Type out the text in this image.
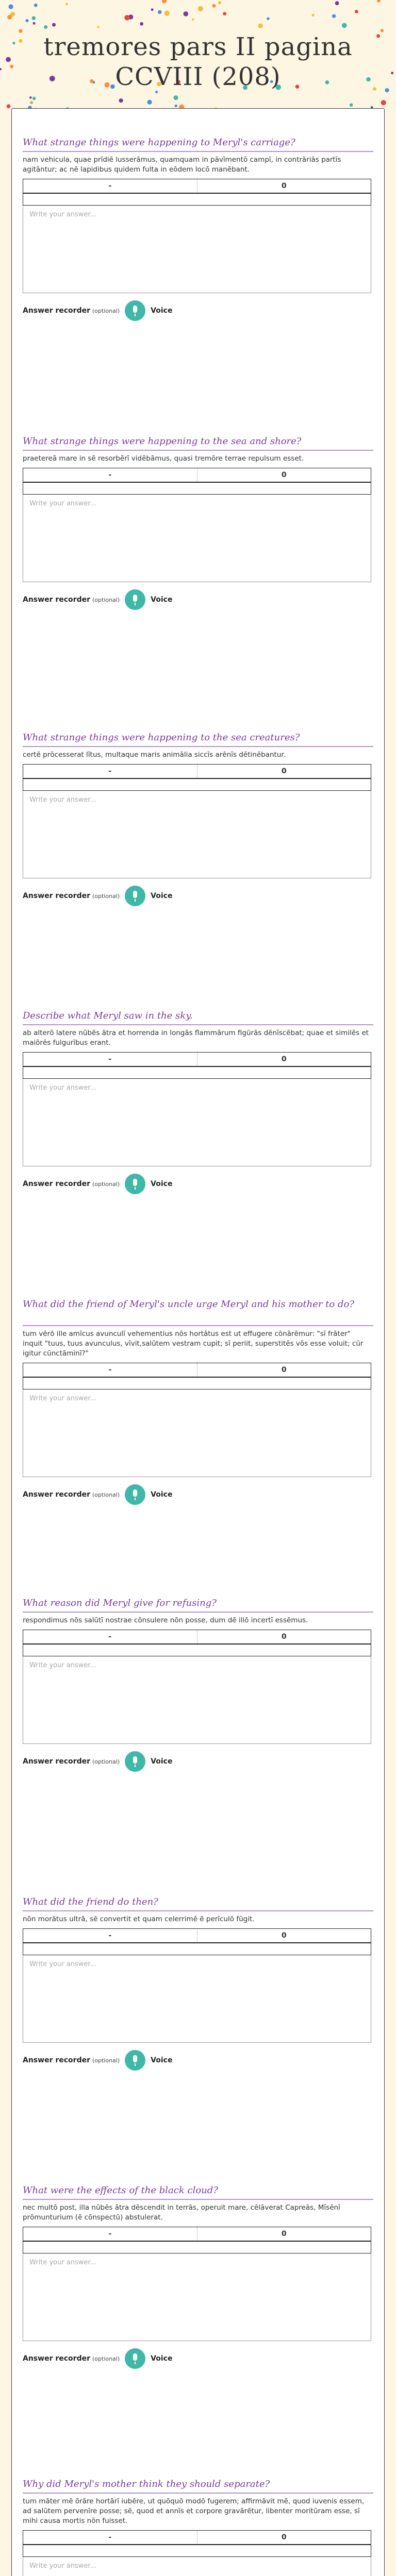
tremores pars II pagina CCVIII (208)
What strange things were happening to Meryl's carriage?
nam vehicula, quae prīdiē lusserāmus, quamquam in pāvīmentō campī, in contrāriās partīs agitāntur; ac nē lapidibus quidem fulta in eōdem locō manēbant.
-	0
Write your answer...
Answer recorder (optional)	Voice
What strange things were happening to the sea and shore?
praetereā mare in sē resorbērī vidēbāmus, quasi tremōre terrae repulsum esset.
-	0
Write your answer...
Answer recorder (optional)	Voice
What strange things were happening to the sea creatures?
certē prōcesserat lītus, multaque maris animālia siccīs arēnīs dētinēbantur.
-	0
Write your answer...
Answer recorder (optional)	Voice
Describe what Meryl saw in the sky.
ab alterō latere nūbēs ātra et horrenda in longās flammārum figūrās dēnīscēbat; quae et similēs et maiōrēs fulgurībus erant.
-	0
Write your answer...
Answer recorder (optional)	Voice
What did the friend of Meryl's uncle urge Meryl and his mother to do?
tum vērō ille amīcus avunculī vehementius nōs hortātus est ut effugere cōnārēmur: "sī frāter" inquit "tuus, tuus avunculus, vīvit,salūtem vestram cupit; sī periit, superstitēs vōs esse voluit; cūr igitur cūnctāminī?"
-	0
Write your answer...
Answer recorder (optional)	Voice
What reason did Meryl give for refusing?
respondimus nōs salūtī nostrae cōnsulere nōn posse, dum dē illō incertī essēmus.
-	0
Write your answer...
Answer recorder (optional)	Voice
What did the friend do then?
nōn morātus ultrā, sē convertit et quam celerrimē ē perīculō fūgit.
-	0
Write your answer...
Answer recorder (optional)	Voice
What were the effects of the black cloud?
nec multō post, illa nūbēs ātra dēscendit in terrās, operuit mare, cēlāverat Capreās, Mīsēnī prōmunturium (ē cōnspectū) abstulerat.
-	0
Write your answer...
Answer recorder (optional)	Voice
Why did Meryl's mother think they should separate?
tum māter mē ōrāre hortārī iubēre, ut quōquō modō fugerem; affirmāvit mē, quod iuvenis essem, ad salūtem pervenīre posse; sē, quod et annīs et corpore gravārētur, libenter moritūram esse, sī mihi causa mortis nōn fuisset.
-	0
Write your answer...
